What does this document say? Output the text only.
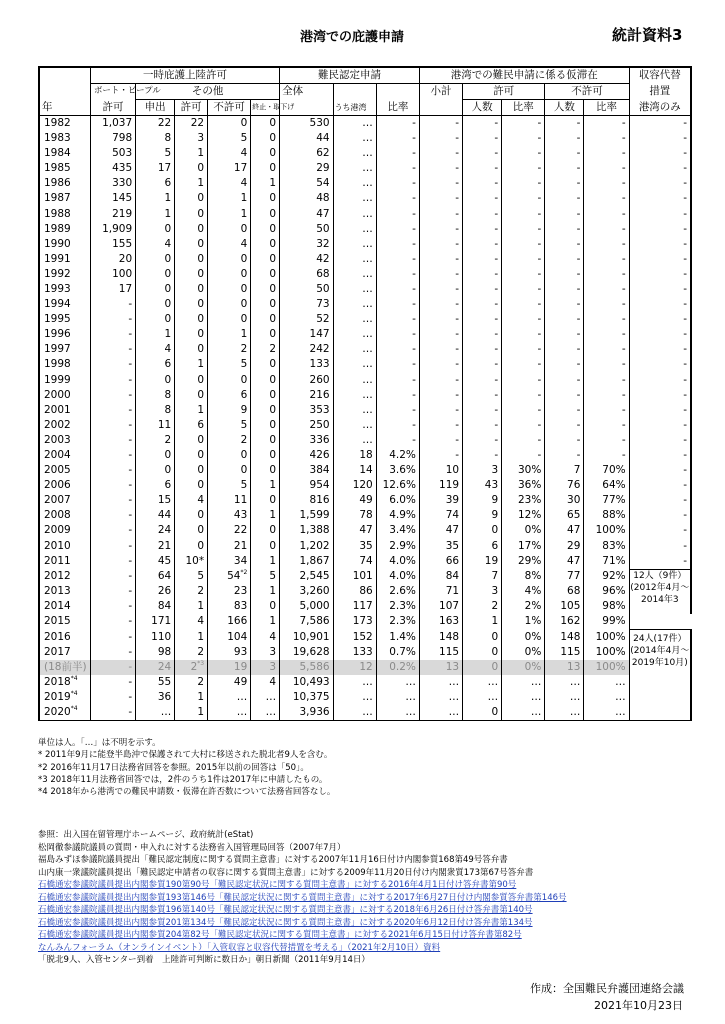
港湾での庇護申請	統計資料3
	一時庇護上陸許可					難民認定申請			港湾での難民申請に係る仮滞在					収容代替
	ボート・ピープル	その他				全体			小計	許可		不許可		措置
年	許可	申出	許可	不許可	終止・取下げ		うち港湾	比率		人数	比率	人数	比率	港湾のみ
1982	1,037	22	22	0	0	530	…	-	-	-	-	-	-	-
1983	798	8	3	5	0	44	…	-	-	-	-	-	-	-
1984	503	5	1	4	0	62	…	-	-	-	-	-	-	-
1985	435	17	0	17	0	29	…	-	-	-	-	-	-	-
1986	330	6	1	4	1	54	…	-	-	-	-	-	-	-
1987	145	1	0	1	0	48	…	-	-	-	-	-	-	-
1988	219	1	0	1	0	47	…	-	-	-	-	-	-	-
1989	1,909	0	0	0	0	50	…	-	-	-	-	-	-	-
1990	155	4	0	4	0	32	…	-	-	-	-	-	-	-
1991	20	0	0	0	0	42	…	-	-	-	-	-	-	-
1992	100	0	0	0	0	68	…	-	-	-	-	-	-	-
1993	17	0	0	0	0	50	…	-	-	-	-	-	-	-
1994	-	0	0	0	0	73	…	-	-	-	-	-	-	-
1995	-	0	0	0	0	52	…	-	-	-	-	-	-	-
1996	-	1	0	1	0	147	…	-	-	-	-	-	-	-
1997	-	4	0	2	2	242	…	-	-	-	-	-	-	-
1998	-	6	1	5	0	133	…	-	-	-	-	-	-	-
1999	-	0	0	0	0	260	…	-	-	-	-	-	-	-
2000	-	8	0	6	0	216	…	-	-	-	-	-	-	-
2001	-	8	1	9	0	353	…	-	-	-	-	-	-	-
2002	-	11	6	5	0	250	…	-	-	-	-	-	-	-
2003	-	2	0	2	0	336	…	-	-	-	-	-	-	-
2004	-	0	0	0	0	426	18	4.2%	-	-	-	-	-	-
2005	-	0	0	0	0	384	14	3.6%	10	3	30%	7	70%	-
2006	-	6	0	5	1	954	120	12.6%	119	43	36%	76	64%	-
2007	-	15	4	11	0	816	49	6.0%	39	9	23%	30	77%	-
2008	-	44	0	43	1	1,599	78	4.9%	74	9	12%	65	88%	-
2009	-	24	0	22	0	1,388	47	3.4%	47	0	0%	47	100%	-
2010	-	21	0	21	0	1,202	35	2.9%	35	6	17%	29	83%	-
2011	-	45	10*	34	1	1,867	74	4.0%	66	19	29%	47	71%	-
2012	-	64	5	54$^{*2}$	5	2,545	101	4.0%	84	7	8%	77	92%	12人（9件）(2012年4月～2014年3
2013	-	26	2	23	1	3,260	86	2.6%	71	3	4%	68	96%	
2014	-	84	1	83	0	5,000	117	2.3%	107	2	2%	105	98%	
2015	-	171	4	166	1	7,586	173	2.3%	163	1	1%	162	99%	
2016	-	110	1	104	4	10,901	152	1.4%	148	0	0%	148	100%	24人(17件）(2014年4月～2019年10月)
2017	-	98	2	93	3	19,628	133	0.7%	115	0	0%	115	100%	
(18前半)	-	24	2$^{*3}$	19	3	5,586	12	0.2%	13	0	0%	13	100%	
2018$^{*4}$	-	55	2	49	4	10,493	…	…	…	…	…	…	…	
2019$^{*4}$	-	36	1	…	…	10,375	…	…	…	…	…	…	…	
2020$^{*4}$	-	…	1	…	…	3,936	…	…	…	0	…	…	…	
単位は人。「…」は不明を示す。
* 2011年9月に能登半島沖で保護されて大村に移送された脱北者9人を含む。
*2 2016年11月17日法務省回答を参照。2015年以前の回答は「50」。
*3 2018年11月法務省回答では，2件のうち1件は2017年に申請したもの。
*4 2018年から港湾での難民申請数・仮滞在許否数について法務省回答なし。
参照：出入国在留管理庁ホームページ、政府統計(eStat)
松岡徹参議院議員の質問・申入れに対する法務省入国管理局回答（2007年7月）
福島みずほ参議院議員提出「難民認定制度に関する質問主意書」に対する2007年11月16日付け内閣参質168第49号答弁書
山内康一衆議院議員提出「難民認定申請者の収容に関する質問主意書」に対する2009年11月20日付け内閣衆質173第67号答弁書
石橋通宏参議院議員提出内閣参質190第90号「難民認定状況に関する質問主意書」に対する2016年4月1日付け答弁書第90号
石橋通宏参議院議員提出内閣参質193第146号「難民認定状況に関する質問主意書」に対する2017年6月27日付け内閣参質答弁書第146号
石橋通宏参議院議員提出内閣参質196第140号「難民認定状況に関する質問主意書」に対する2018年6月26日付け答弁書第140号
石橋通宏参議院議員提出内閣参質201第134号「難民認定状況に関する質問主意書」に対する2020年6月12日付け答弁書第134号
石橋通宏参議院議員提出内閣参質204第82号「難民認定状況に関する質問主意書」に対する2021年6月15日付け答弁書第82号
なんみんフォーラム（オンラインイベント）「入管収容と収容代替措置を考える」（2021年2月10日）資料
「脱北9人、入管センター到着　上陸許可判断に数日か」朝日新聞（2011年9月14日）
作成：全国難民弁護団連絡会議
2021年10月23日
